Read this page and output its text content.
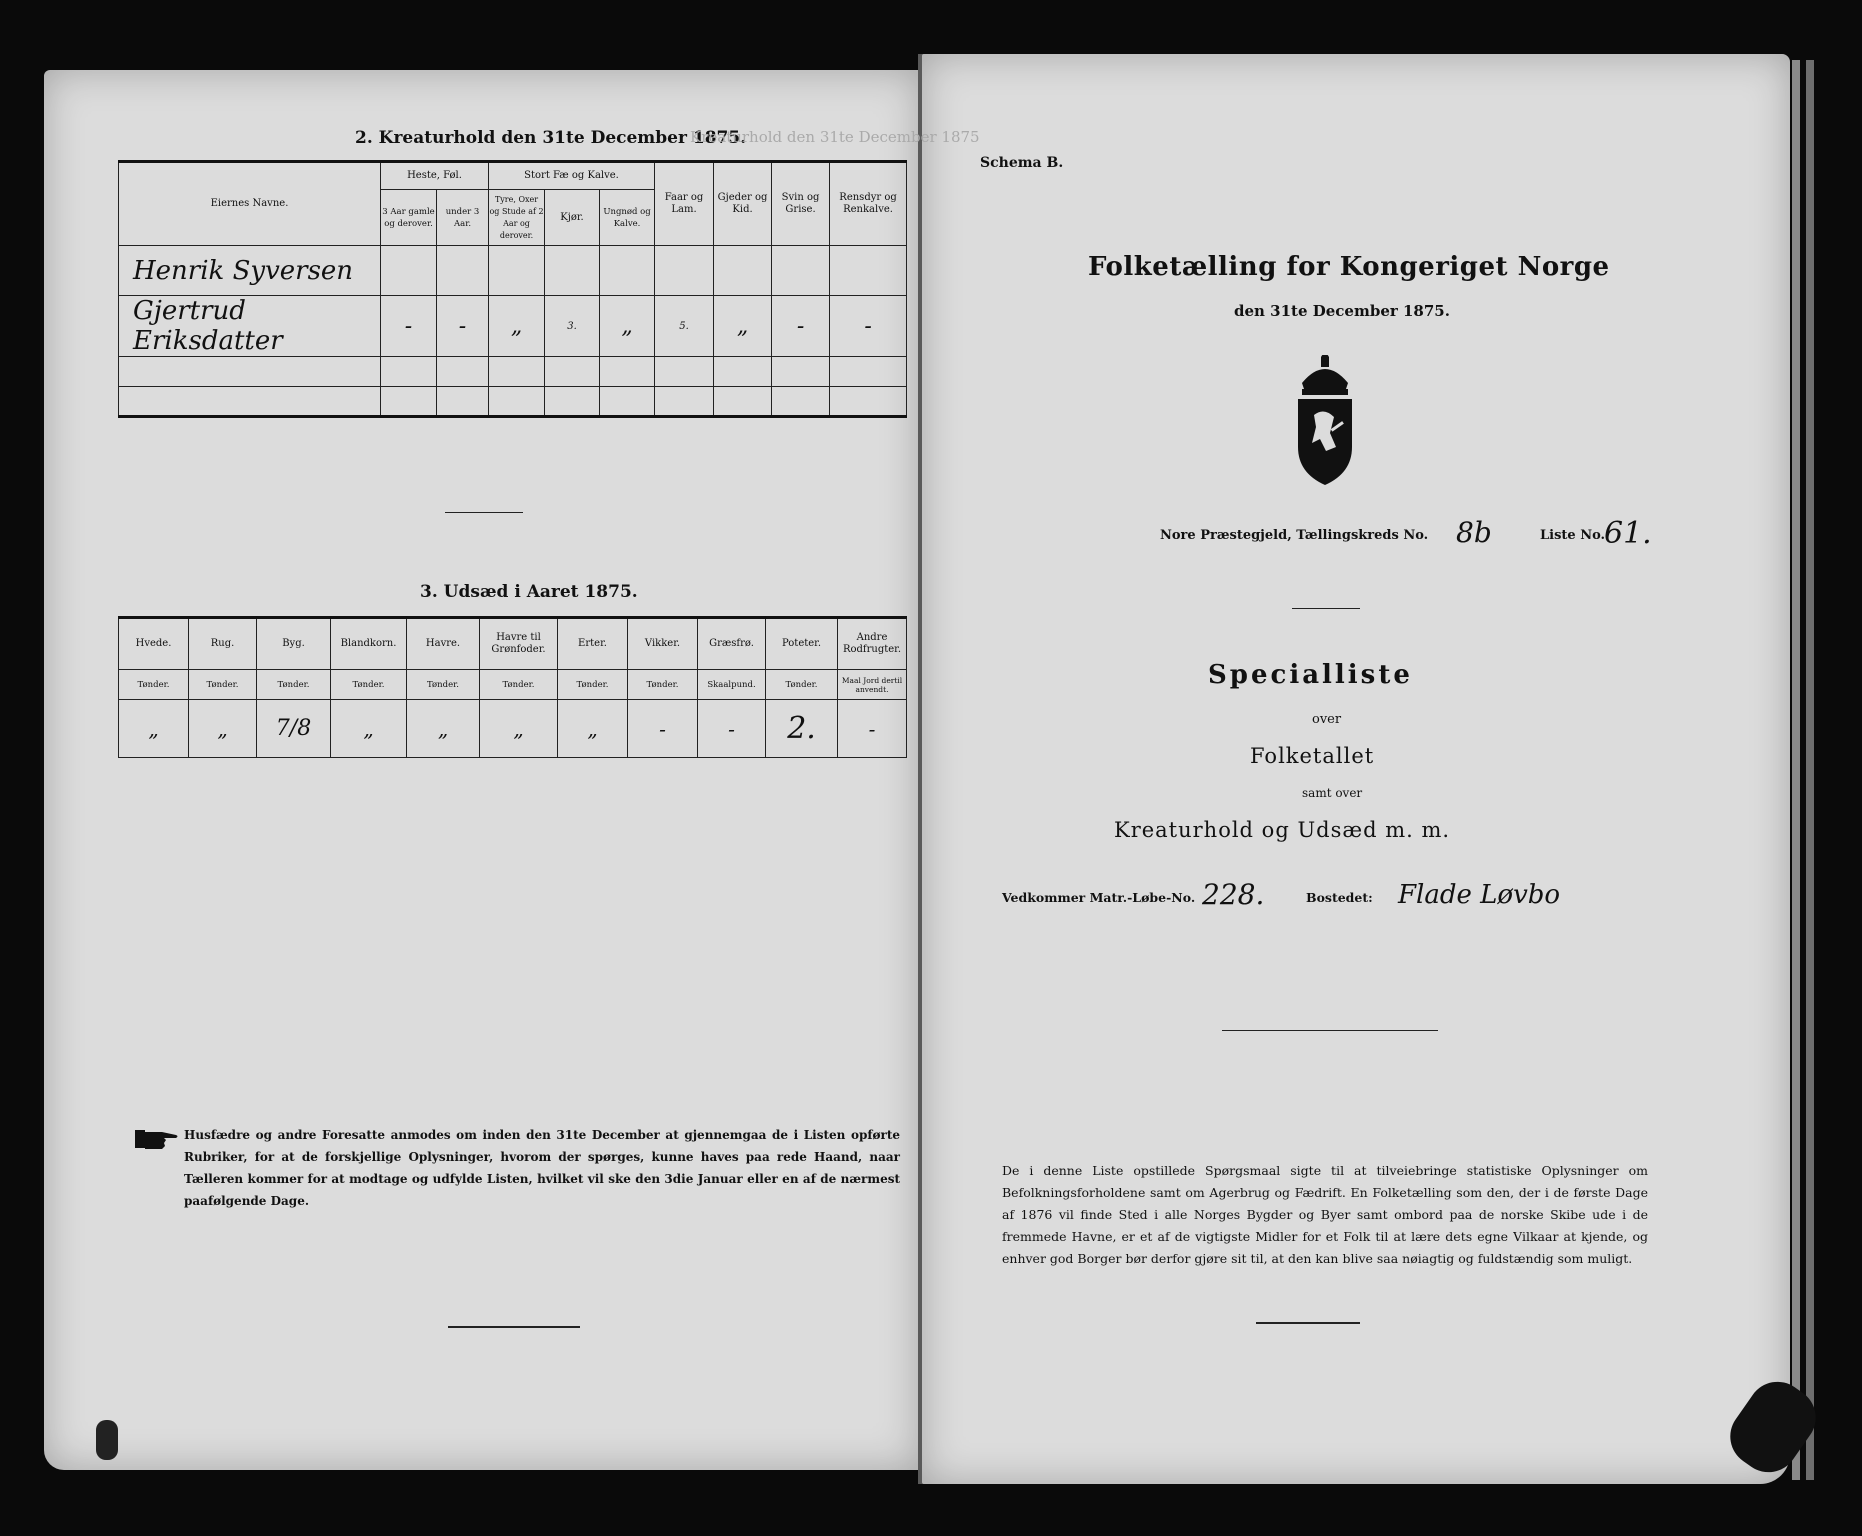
2. Kreaturhold den 31te December 1875.
Kreaturhold den 31te December 1875
Eiernes Navne.	Heste, Føl.		Stort Fæ og Kalve.			Faar og Lam.	Gjeder og Kid.	Svin og Grise.	Rensdyr og Renkalve.
	3 Aar gamle og derover.	under 3 Aar.	Tyre, Oxer og Stude af 2 Aar og derover.	Kjør.	Ungnød og Kalve.				
Henrik Syversen									
Gjertrud Eriksdatter	-	-	„	3.	„	5.	„	-	-

3. Udsæd i Aaret 1875.
Hvede.	Rug.	Byg.	Blandkorn.	Havre.	Havre til Grønfoder.	Erter.	Vikker.	Græsfrø.	Poteter.	Andre Rodfrugter.
Tønder.	Tønder.	Tønder.	Tønder.	Tønder.	Tønder.	Tønder.	Tønder.	Skaalpund.	Tønder.	Maal Jord dertil anvendt.
„	„	7/8	„	„	„	„	-	-	2.	-
Husfædre og andre Foresatte anmodes om inden den 31te December at gjennemgaa de i Listen opførte Rubriker, for at de forskjellige Oplysninger, hvorom der spørges, kunne haves paa rede Haand, naar Tælleren kommer for at modtage og udfylde Listen, hvilket vil ske den 3die Januar eller en af de nærmest paafølgende Dage.
Schema B.
Folketælling for Kongeriget Norge
den 31te December 1875.
Nore Præstegjeld, Tællingskreds No. 8b	Liste No.
61.
Specialliste
over
Folketallet
samt over
Kreaturhold og Udsæd m. m.
Vedkommer Matr.-Løbe-No. 228.	Bostedet: Flade Løvbo
De i denne Liste opstillede Spørgsmaal sigte til at tilveiebringe statistiske Oplysninger om Befolkningsforholdene samt om Agerbrug og Fædrift. En Folketælling som den, der i de første Dage af 1876 vil finde Sted i alle Norges Bygder og Byer samt ombord paa de norske Skibe ude i de fremmede Havne, er et af de vigtigste Midler for et Folk til at lære dets egne Vilkaar at kjende, og enhver god Borger bør derfor gjøre sit til, at den kan blive saa nøiagtig og fuldstændig som muligt.
